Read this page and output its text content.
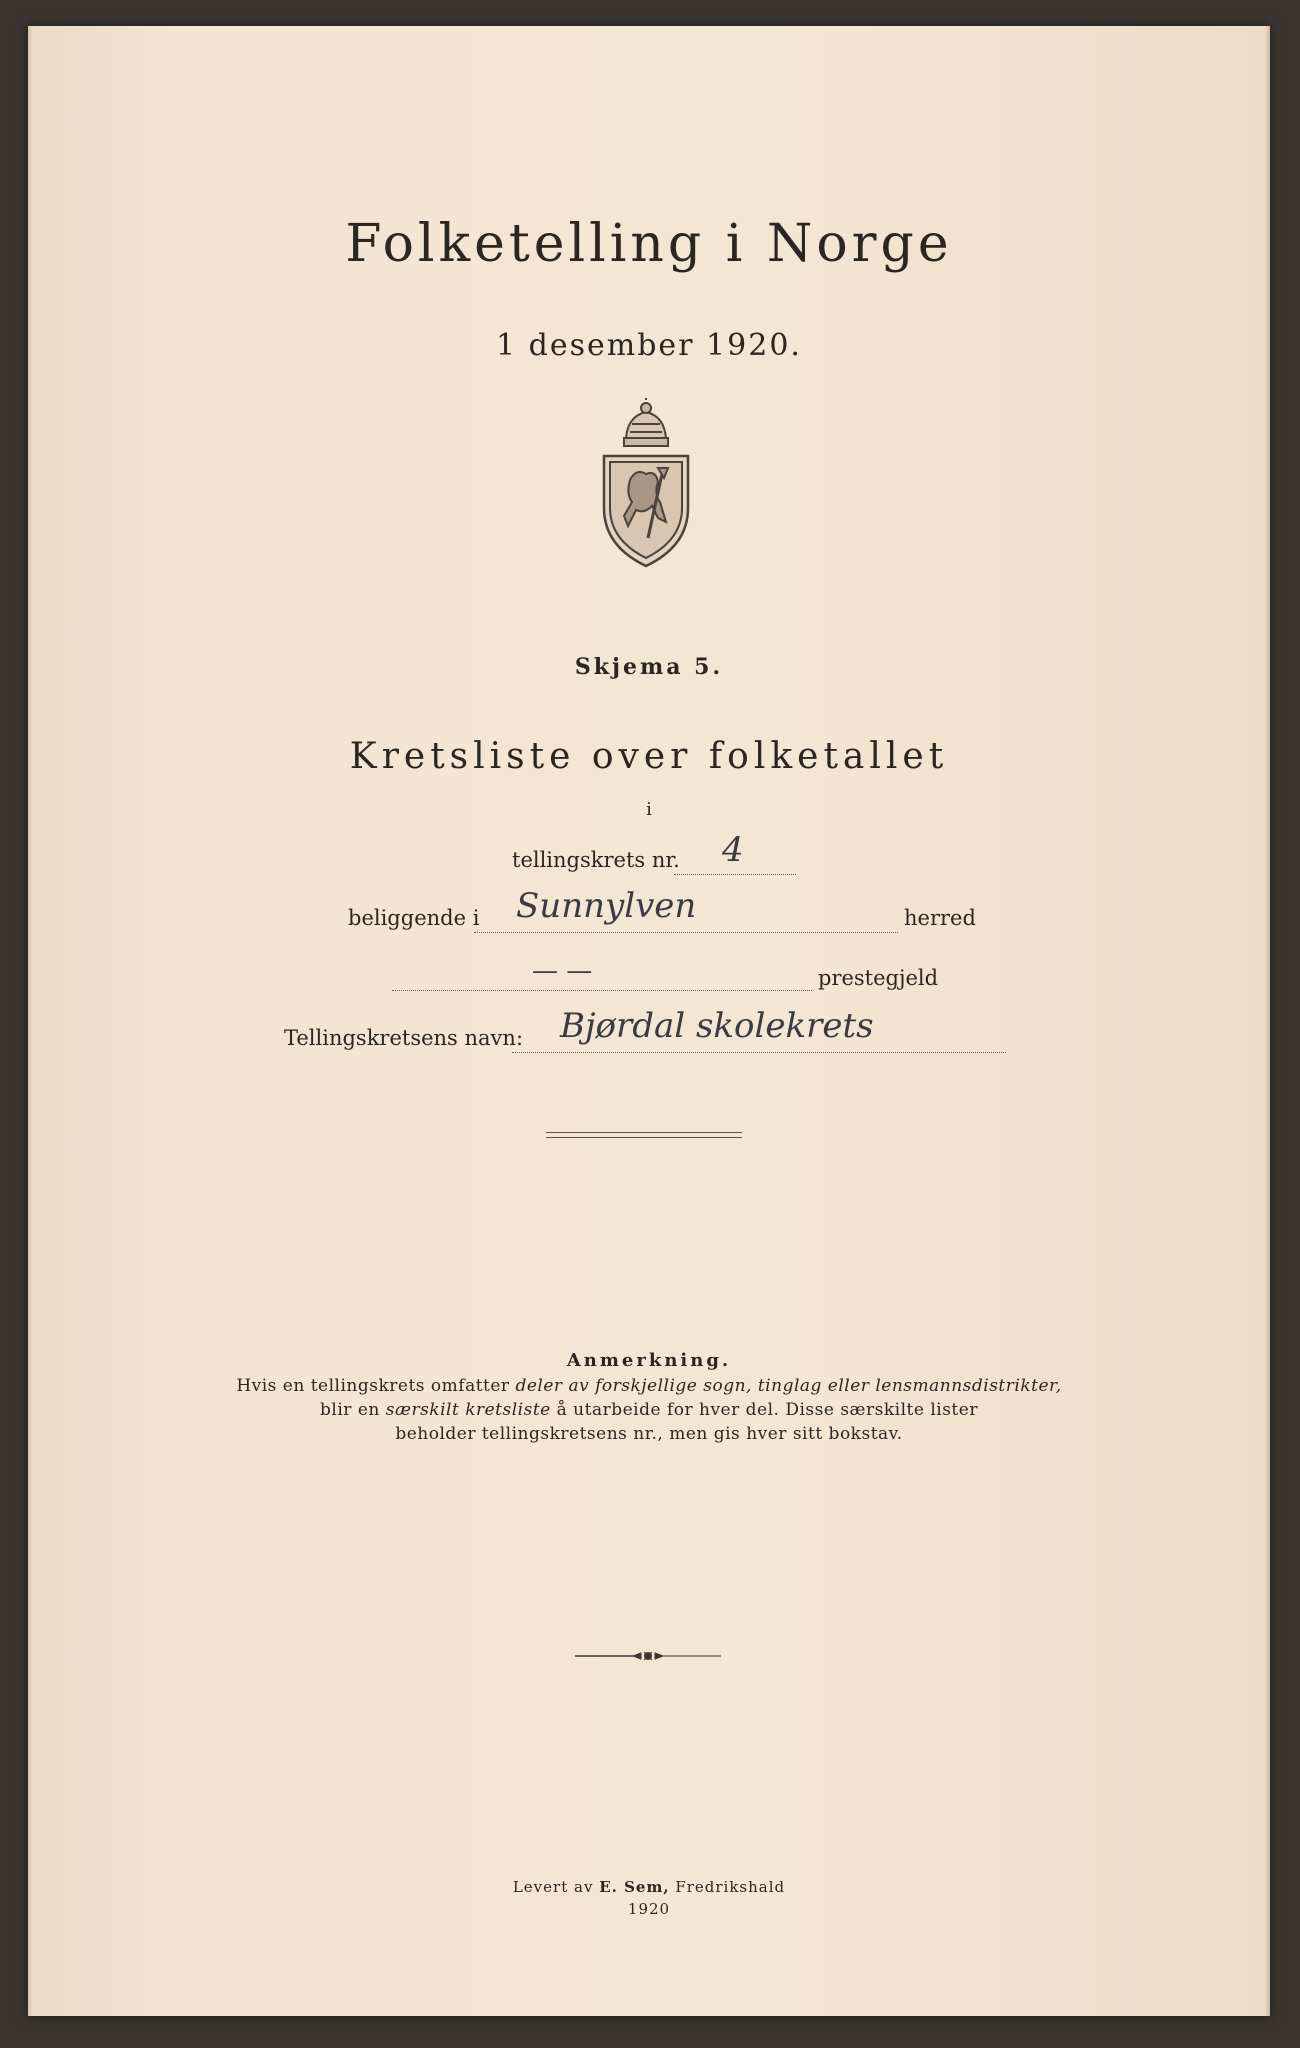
Folketelling i Norge
1 desember 1920.
Skjema 5.
Kretsliste over folketallet
i
tellingskrets nr. 4
beliggende i Sunnylven	herred
— —	prestegjeld
Tellingskretsens navn: Bjørdal skolekrets
Anmerkning.
Hvis en tellingskrets omfatter deler av forskjellige sogn, tinglag eller lensmannsdistrikter,
blir en særskilt kretsliste å utarbeide for hver del. Disse særskilte lister
beholder tellingskretsens nr., men gis hver sitt bokstav.
Levert av E. Sem, Fredrikshald
1920
